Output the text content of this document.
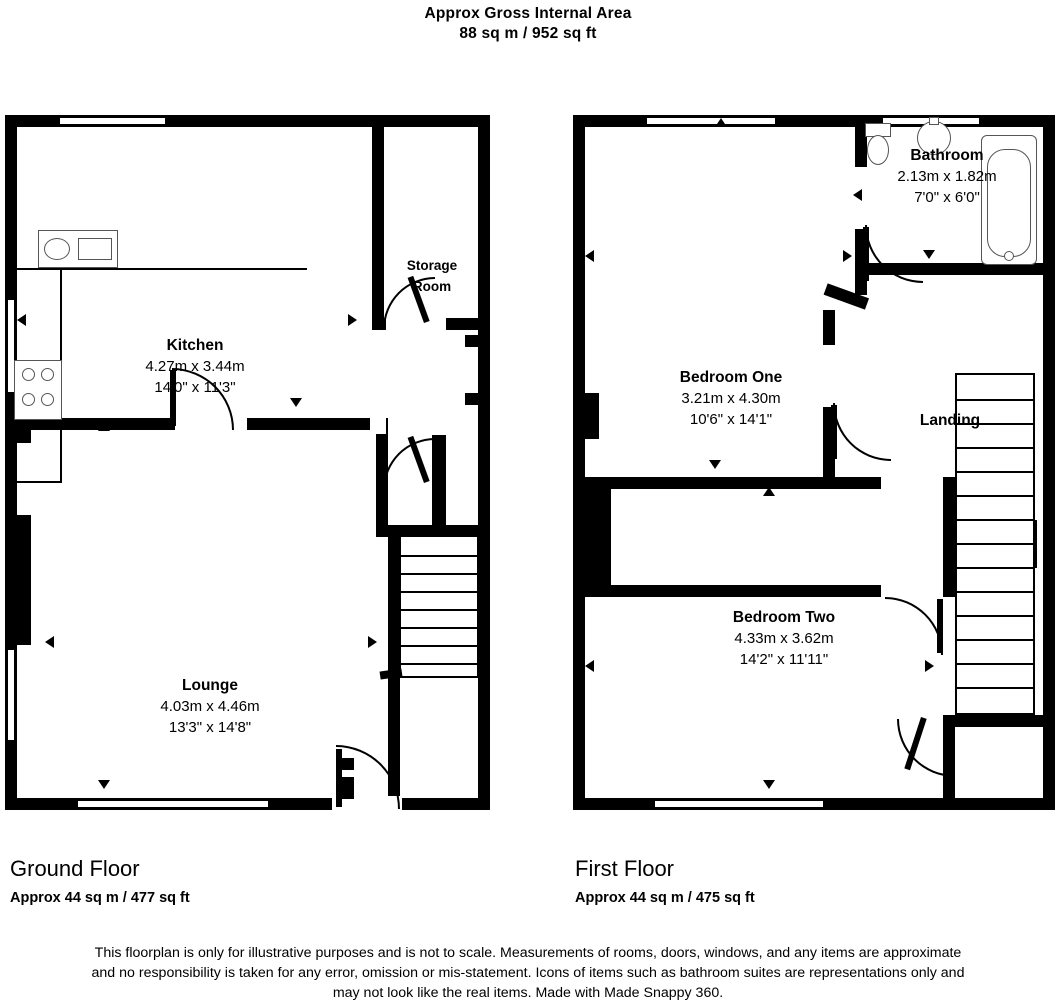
Approx Gross Internal Area
88 sq m / 952 sq ft
Kitchen
4.27m x 3.44m
14'0" x 11'3"
Storage
Room
Lounge
4.03m x 4.46m
13'3" x 14'8"
Bedroom One
3.21m x 4.30m
10'6" x 14'1"
Bathroom
2.13m x 1.82m
7'0" x 6'0"
Landing
Bedroom Two
4.33m x 3.62m
14'2" x 11'11"
Ground Floor
Approx 44 sq m / 477 sq ft
First Floor
Approx 44 sq m / 475 sq ft
This floorplan is only for illustrative purposes and is not to scale. Measurements of rooms, doors, windows, and any items are approximate
and no responsibility is taken for any error, omission or mis-statement. Icons of items such as bathroom suites are representations only and
may not look like the real items. Made with Made Snappy 360.
